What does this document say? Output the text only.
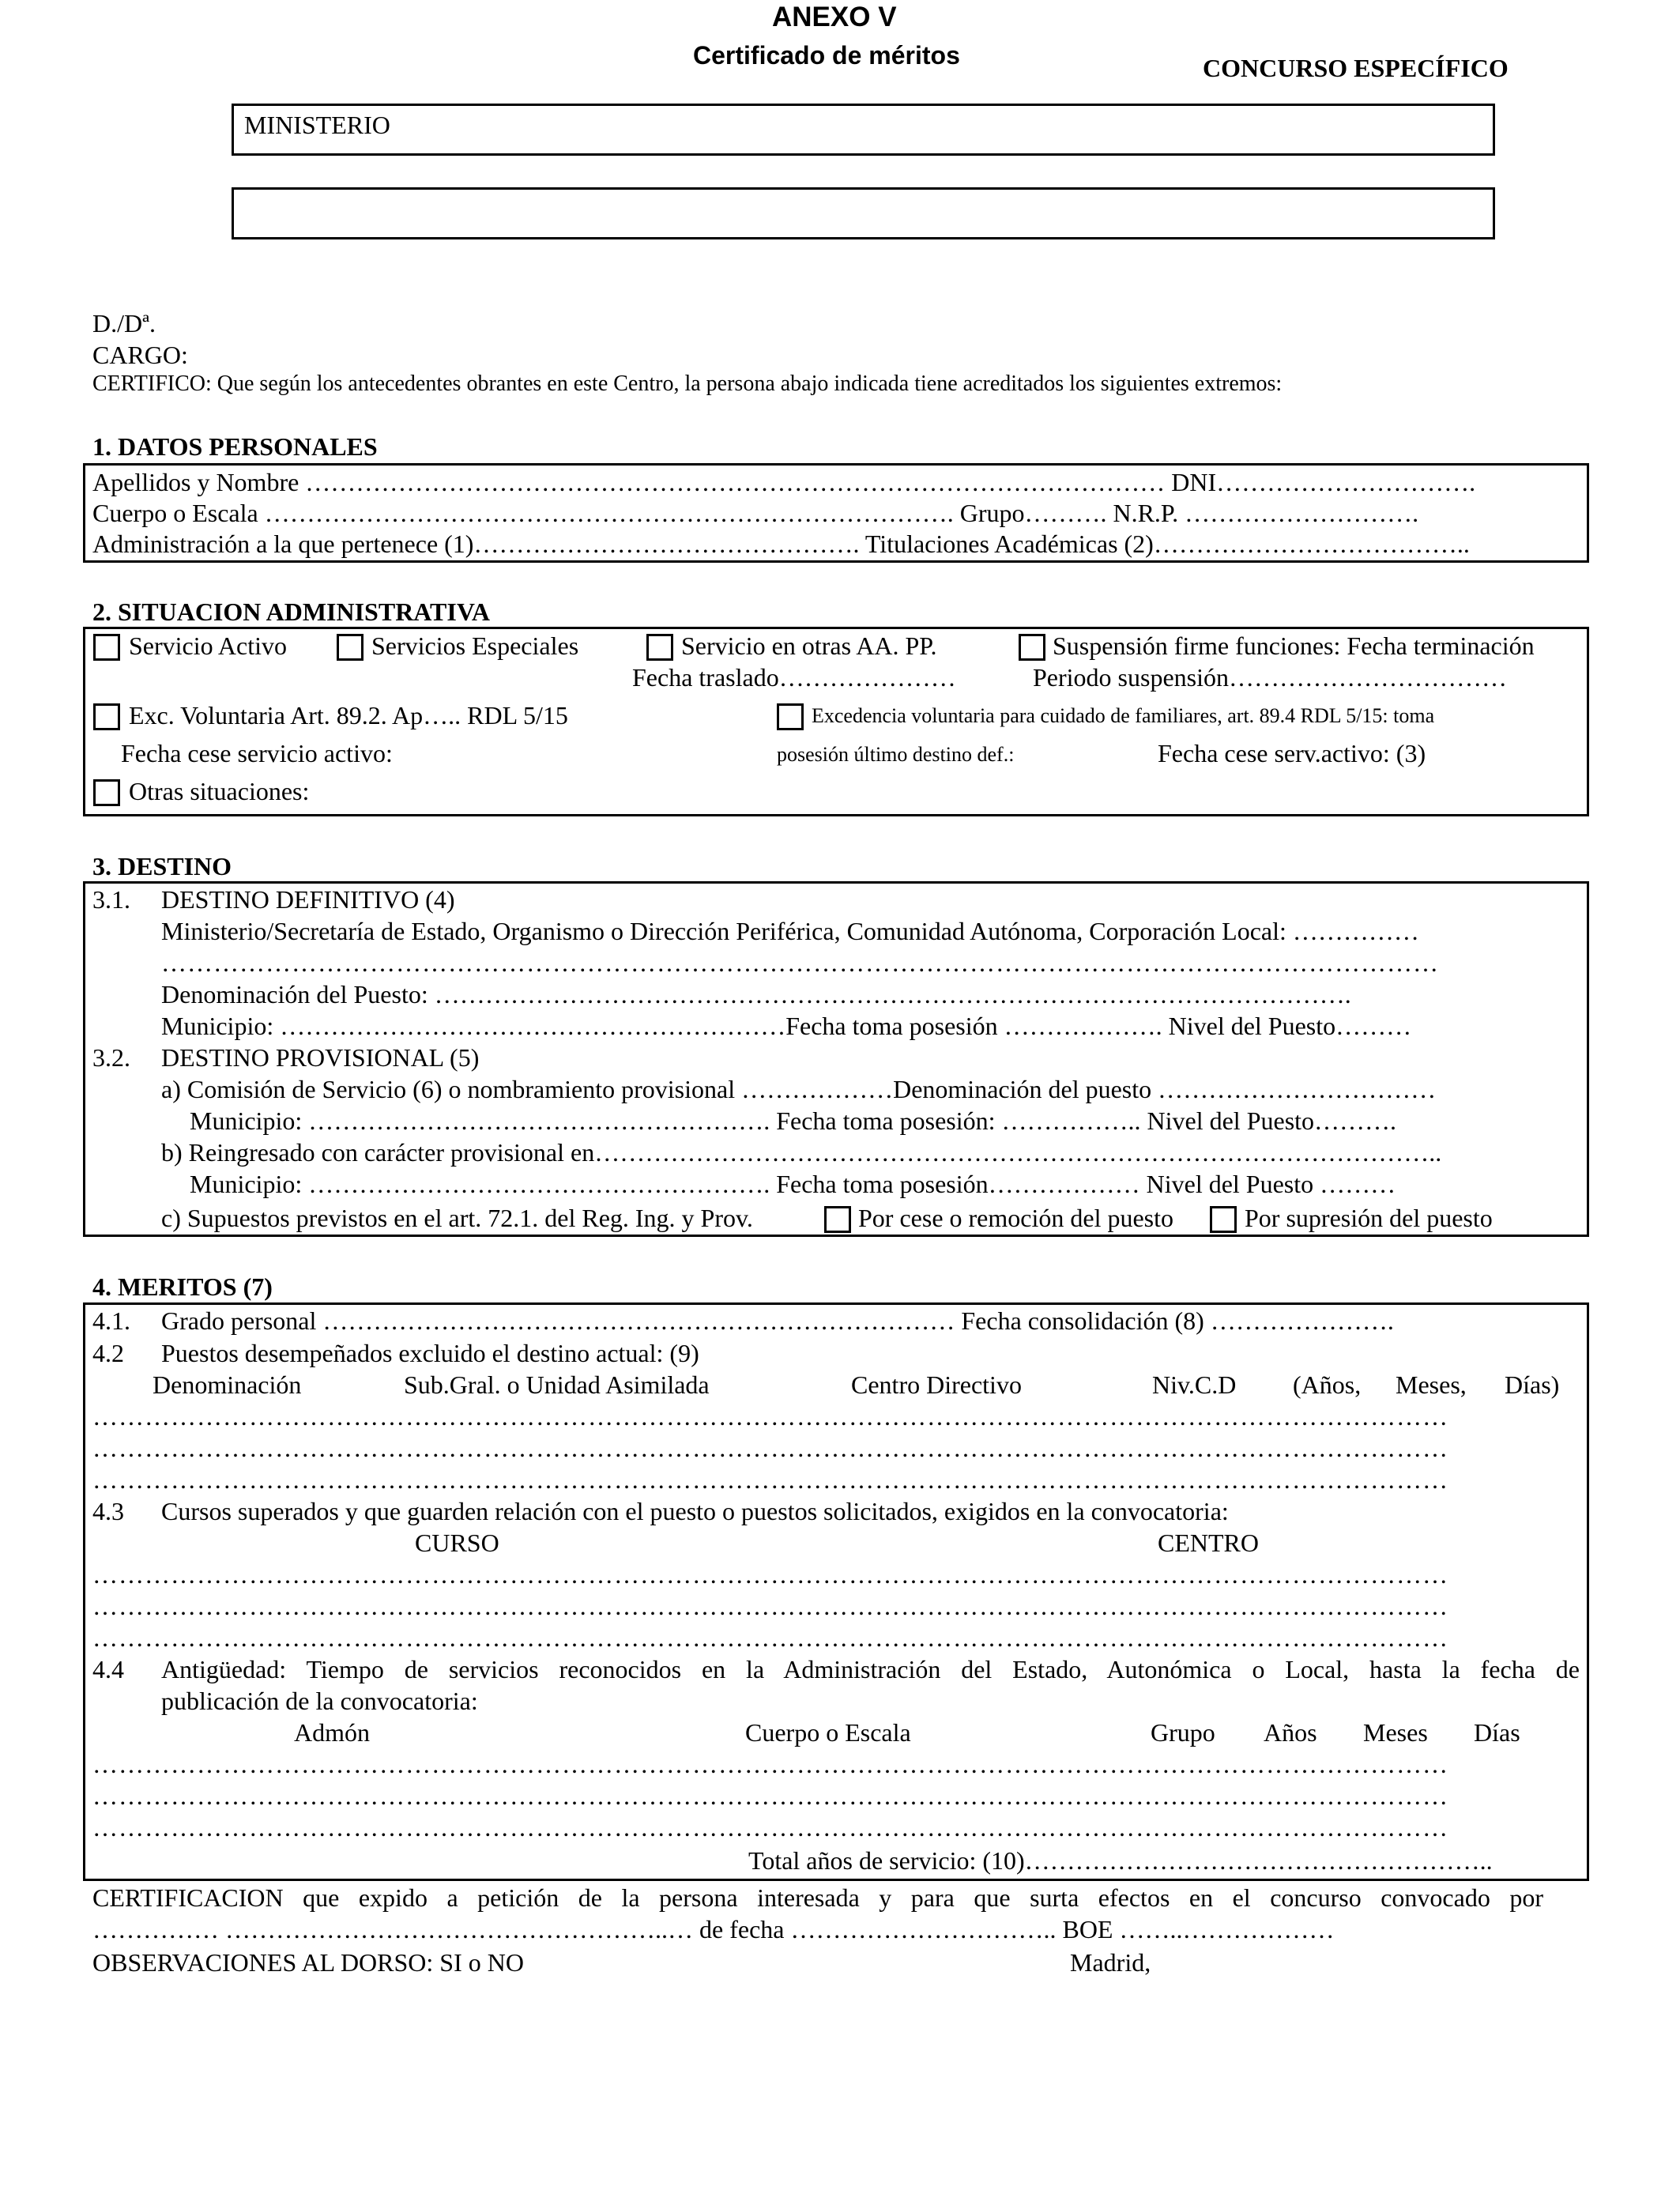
ANEXO V
Certificado de méritos	CONCURSO ESPECÍFICO
MINISTERIO
D./Dª.
CARGO:
CERTIFICO: Que según los antecedentes obrantes en este Centro, la persona abajo indicada tiene acreditados los siguientes extremos:
1. DATOS PERSONALES
Apellidos y Nombre ………………………………………………………………………………………… DNI………………………….
Cuerpo o Escala ………………………………………………………………………. Grupo………. N.R.P. ……………………….
Administración a la que pertenece (1)………………………………………. Titulaciones Académicas (2)………………………………..
2. SITUACION ADMINISTRATIVA
Servicio Activo	Servicios Especiales	Servicio en otras AA. PP.	Suspensión firme funciones: Fecha terminación
Fecha traslado…………………	Periodo suspensión……………………………
Exc. Voluntaria Art. 89.2. Ap….. RDL 5/15	Excedencia voluntaria para cuidado de familiares, art. 89.4 RDL 5/15: toma
Fecha cese servicio activo:	posesión último destino def.:	Fecha cese serv.activo: (3)
Otras situaciones:
3. DESTINO
3.1. DESTINO DEFINITIVO (4)
Ministerio/Secretaría de Estado, Organismo o Dirección Periférica, Comunidad Autónoma, Corporación Local: ……………
…………………………………………………………………………………………………………………………………
Denominación del Puesto: ……………………………………………………………………………………………….
Municipio: ……………………………………………………Fecha toma posesión ………………. Nivel del Puesto………
3.2. DESTINO PROVISIONAL (5)
a) Comisión de Servicio (6) o nombramiento provisional ………………Denominación del puesto ……………………………
Municipio: ………………………………………………. Fecha toma posesión: …………….. Nivel del Puesto……….
b) Reingresado con carácter provisional en………………………………………………………………………………………..
Municipio: ………………………………………………. Fecha toma posesión……………… Nivel del Puesto ………
c) Supuestos previstos en el art. 72.1. del Reg. Ing. y Prov.	Por cese o remoción del puesto	Por supresión del puesto
4. MERITOS (7)
4.1. Grado personal ………………………………………………………………… Fecha consolidación (8) ………………….
4.2 Puestos desempeñados excluido el destino actual: (9)
Denominación	Sub.Gral. o Unidad Asimilada	Centro Directivo	Niv.C.D (Años, Meses, Días)
…………………………………………………………………………………………………………………………………………
…………………………………………………………………………………………………………………………………………
…………………………………………………………………………………………………………………………………………
4.3 Cursos superados y que guarden relación con el puesto o puestos solicitados, exigidos en la convocatoria:
CURSO	CENTRO
…………………………………………………………………………………………………………………………………………
…………………………………………………………………………………………………………………………………………
…………………………………………………………………………………………………………………………………………
4.4 Antigüedad: Tiempo de servicios reconocidos en la Administración del Estado, Autonómica o Local, hasta la fecha de
publicación de la convocatoria:
Admón	Cuerpo o Escala	Grupo Años Meses Días
…………………………………………………………………………………………………………………………………………
…………………………………………………………………………………………………………………………………………
…………………………………………………………………………………………………………………………………………
Total años de servicio: (10)………………………………………………..
CERTIFICACION que expido a petición de la persona interesada y para que surta efectos en el concurso convocado por
…………… ……………………………………………..… de fecha ………………………….. BOE ……..………………
OBSERVACIONES AL DORSO: SI o NO	Madrid,
